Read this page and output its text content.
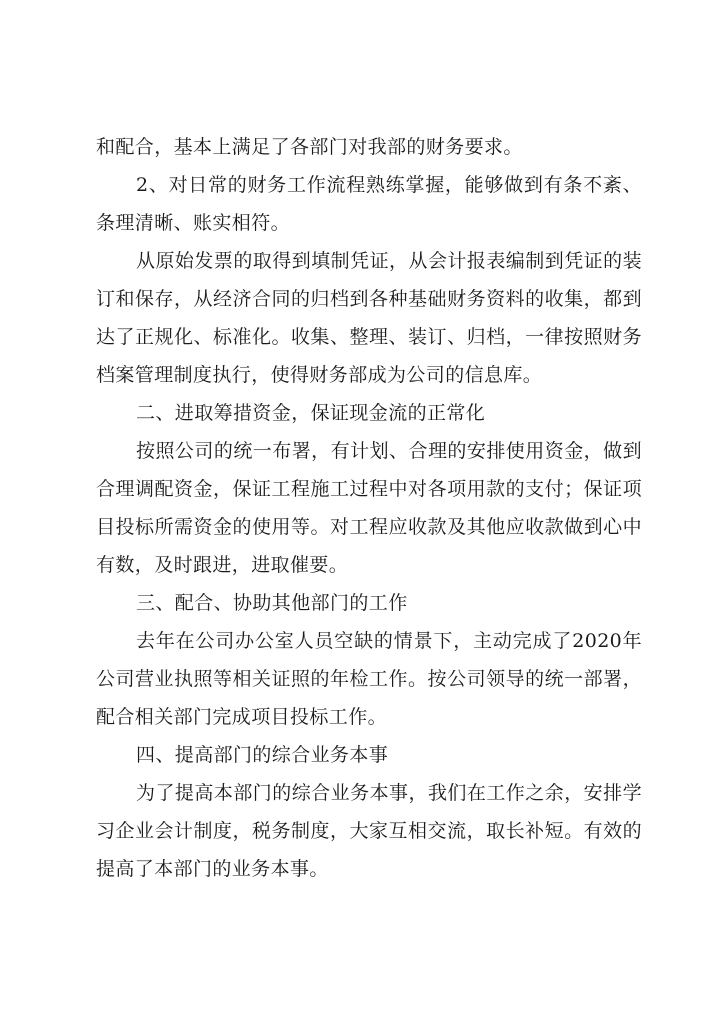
和配合，基本上满足了各部门对我部的财务要求。

2、对日常的财务工作流程熟练掌握，能够做到有条不紊、条理清晰、账实相符。

从原始发票的取得到填制凭证，从会计报表编制到凭证的装订和保存，从经济合同的归档到各种基础财务资料的收集，都到达了正规化、标准化。收集、整理、装订、归档，一律按照财务档案管理制度执行，使得财务部成为公司的信息库。

二、进取筹措资金，保证现金流的正常化

按照公司的统一布署，有计划、合理的安排使用资金，做到合理调配资金，保证工程施工过程中对各项用款的支付；保证项目投标所需资金的使用等。对工程应收款及其他应收款做到心中有数，及时跟进，进取催要。

三、配合、协助其他部门的工作

去年在公司办公室人员空缺的情景下，主动完成了2020年公司营业执照等相关证照的年检工作。按公司领导的统一部署，配合相关部门完成项目投标工作。

四、提高部门的综合业务本事

为了提高本部门的综合业务本事，我们在工作之余，安排学习企业会计制度，税务制度，大家互相交流，取长补短。有效的提高了本部门的业务本事。
